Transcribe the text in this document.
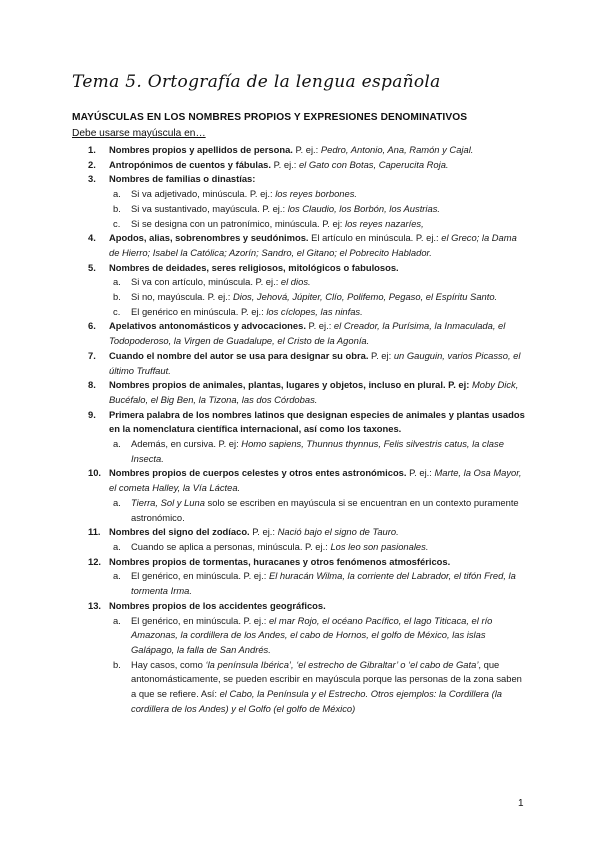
Tema 5. Ortografía de la lengua española
MAYÚSCULAS EN LOS NOMBRES PROPIOS Y EXPRESIONES DENOMINATIVOS
Debe usarse mayúscula en…
1. Nombres propios y apellidos de persona. P. ej.: Pedro, Antonio, Ana, Ramón y Cajal.
2. Antropónimos de cuentos y fábulas. P. ej.: el Gato con Botas, Caperucita Roja.
3. Nombres de familias o dinastías:
a. Si va adjetivado, minúscula. P. ej.: los reyes borbones.
b. Si va sustantivado, mayúscula. P. ej.: los Claudio, los Borbón, los Austrias.
c. Si se designa con un patronímico, minúscula. P. ej: los reyes nazaríes,
4. Apodos, alias, sobrenombres y seudónimos. El artículo en minúscula. P. ej.: el Greco; la Dama de Hierro; Isabel la Católica; Azorín; Sandro, el Gitano; el Pobrecito Hablador.
5. Nombres de deidades, seres religiosos, mitológicos o fabulosos.
a. Si va con artículo, minúscula. P. ej.: el dios.
b. Si no, mayúscula. P. ej.: Dios, Jehová, Júpiter, Clío, Polifemo, Pegaso, el Espíritu Santo.
c. El genérico en minúscula. P. ej.: los cíclopes, las ninfas.
6. Apelativos antonomásticos y advocaciones. P. ej.: el Creador, la Purísima, la Inmaculada, el Todopoderoso, la Virgen de Guadalupe, el Cristo de la Agonía.
7. Cuando el nombre del autor se usa para designar su obra. P. ej: un Gauguin, varios Picasso, el último Truffaut.
8. Nombres propios de animales, plantas, lugares y objetos, incluso en plural. P. ej: Moby Dick, Bucéfalo, el Big Ben, la Tizona, las dos Córdobas.
9. Primera palabra de los nombres latinos que designan especies de animales y plantas usados en la nomenclatura científica internacional, así como los taxones.
a. Además, en cursiva. P. ej: Homo sapiens, Thunnus thynnus, Felis silvestris catus, la clase Insecta.
10. Nombres propios de cuerpos celestes y otros entes astronómicos. P. ej.: Marte, la Osa Mayor, el cometa Halley, la Vía Láctea.
a. Tierra, Sol y Luna solo se escriben en mayúscula si se encuentran en un contexto puramente astronómico.
11. Nombres del signo del zodíaco. P. ej.: Nació bajo el signo de Tauro.
a. Cuando se aplica a personas, minúscula. P. ej.: Los leo son pasionales.
12. Nombres propios de tormentas, huracanes y otros fenómenos atmosféricos.
a. El genérico, en minúscula. P. ej.: El huracán Wilma, la corriente del Labrador, el tifón Fred, la tormenta Irma.
13. Nombres propios de los accidentes geográficos.
a. El genérico, en minúscula. P. ej.: el mar Rojo, el océano Pacífico, el lago Titicaca, el río Amazonas, la cordillera de los Andes, el cabo de Hornos, el golfo de México, las islas Galápago, la falla de San Andrés.
b. Hay casos, como ‘la península Ibérica’, ‘el estrecho de Gibraltar’ o ‘el cabo de Gata’, que antonomásticamente, se pueden escribir en mayúscula porque las personas de la zona saben a que se refiere. Así: el Cabo, la Península y el Estrecho. Otros ejemplos: la Cordillera (la cordillera de los Andes) y el Golfo (el golfo de México)
1
